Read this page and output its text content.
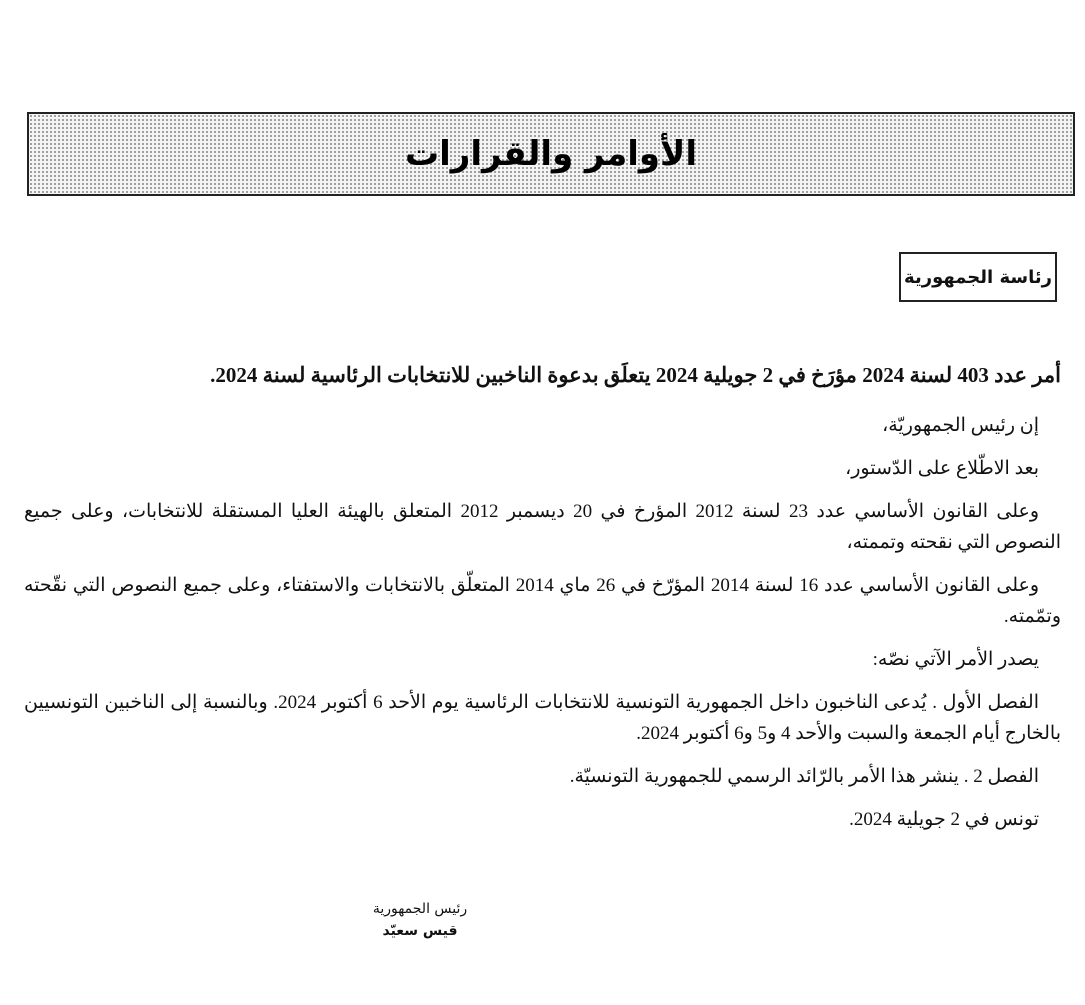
الأوامر والقرارات
رئاسة الجمهورية

أمر عدد 403 لسنة 2024 مؤرَخ في 2 جويلية 2024 يتعلَق بدعوة الناخبين للانتخابات الرئاسية لسنة 2024.

إن رئيس الجمهوريّة،

بعد الاطّلاع على الدّستور،

وعلى القانون الأساسي عدد 23 لسنة 2012 المؤرخ في 20 ديسمبر 2012 المتعلق بالهيئة العليا المستقلة للانتخابات، وعلى جميع النصوص التي نقحته وتممته،

وعلى القانون الأساسي عدد 16 لسنة 2014 المؤرّخ في 26 ماي 2014 المتعلّق بالانتخابات والاستفتاء، وعلى جميع النصوص التي نقّحته وتمّمته.

يصدر الأمر الآتي نصّه:

الفصل الأول . يُدعى الناخبون داخل الجمهورية التونسية للانتخابات الرئاسية يوم الأحد 6 أكتوبر 2024. وبالنسبة إلى الناخبين التونسيين بالخارج أيام الجمعة والسبت والأحد 4 و5 و6 أكتوبر 2024.

الفصل 2 . ينشر هذا الأمر بالرّائد الرسمي للجمهورية التونسيّة.

تونس في 2 جويلية 2024.

رئيس الجمهورية
قيس سعيّد
